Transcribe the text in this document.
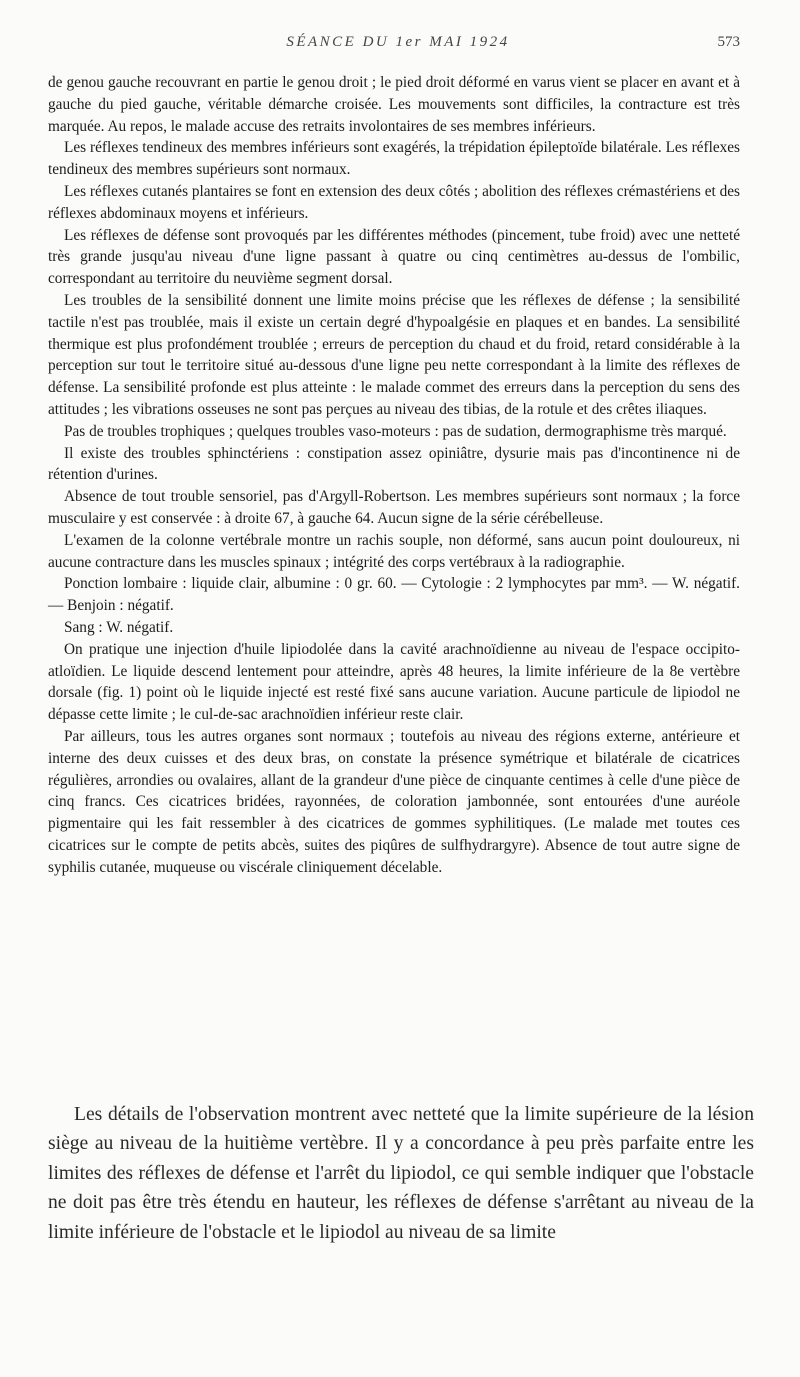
SÉANCE DU 1er MAI 1924	573

de genou gauche recouvrant en partie le genou droit ; le pied droit déformé en varus vient se placer en avant et à gauche du pied gauche, véritable démarche croisée. Les mouvements sont difficiles, la contracture est très marquée. Au repos, le malade accuse des retraits involontaires de ses membres inférieurs.

Les réflexes tendineux des membres inférieurs sont exagérés, la trépidation épileptoïde bilatérale. Les réflexes tendineux des membres supérieurs sont normaux.

Les réflexes cutanés plantaires se font en extension des deux côtés ; abolition des réflexes crémastériens et des réflexes abdominaux moyens et inférieurs.

Les réflexes de défense sont provoqués par les différentes méthodes (pincement, tube froid) avec une netteté très grande jusqu'au niveau d'une ligne passant à quatre ou cinq centimètres au-dessus de l'ombilic, correspondant au territoire du neuvième segment dorsal.

Les troubles de la sensibilité donnent une limite moins précise que les réflexes de défense ; la sensibilité tactile n'est pas troublée, mais il existe un certain degré d'hypoalgésie en plaques et en bandes. La sensibilité thermique est plus profondément troublée ; erreurs de perception du chaud et du froid, retard considérable à la perception sur tout le territoire situé au-dessous d'une ligne peu nette correspondant à la limite des réflexes de défense. La sensibilité profonde est plus atteinte : le malade commet des erreurs dans la perception du sens des attitudes ; les vibrations osseuses ne sont pas perçues au niveau des tibias, de la rotule et des crêtes iliaques.

Pas de troubles trophiques ; quelques troubles vaso-moteurs : pas de sudation, dermographisme très marqué.

Il existe des troubles sphinctériens : constipation assez opiniâtre, dysurie mais pas d'incontinence ni de rétention d'urines.

Absence de tout trouble sensoriel, pas d'Argyll-Robertson. Les membres supérieurs sont normaux ; la force musculaire y est conservée : à droite 67, à gauche 64. Aucun signe de la série cérébelleuse.

L'examen de la colonne vertébrale montre un rachis souple, non déformé, sans aucun point douloureux, ni aucune contracture dans les muscles spinaux ; intégrité des corps vertébraux à la radiographie.

Ponction lombaire : liquide clair, albumine : 0 gr. 60. — Cytologie : 2 lymphocytes par mm³. — W. négatif. — Benjoin : négatif.

Sang : W. négatif.

On pratique une injection d'huile lipiodolée dans la cavité arachnoïdienne au niveau de l'espace occipito-atloïdien. Le liquide descend lentement pour atteindre, après 48 heures, la limite inférieure de la 8e vertèbre dorsale (fig. 1) point où le liquide injecté est resté fixé sans aucune variation. Aucune particule de lipiodol ne dépasse cette limite ; le cul-de-sac arachnoïdien inférieur reste clair.

Par ailleurs, tous les autres organes sont normaux ; toutefois au niveau des régions externe, antérieure et interne des deux cuisses et des deux bras, on constate la présence symétrique et bilatérale de cicatrices régulières, arrondies ou ovalaires, allant de la grandeur d'une pièce de cinquante centimes à celle d'une pièce de cinq francs. Ces cicatrices bridées, rayonnées, de coloration jambonnée, sont entourées d'une auréole pigmentaire qui les fait ressembler à des cicatrices de gommes syphilitiques. (Le malade met toutes ces cicatrices sur le compte de petits abcès, suites des piqûres de sulfhydrargyre). Absence de tout autre signe de syphilis cutanée, muqueuse ou viscérale cliniquement décelable.

Les détails de l'observation montrent avec netteté que la limite supérieure de la lésion siège au niveau de la huitième vertèbre. Il y a concordance à peu près parfaite entre les limites des réflexes de défense et l'arrêt du lipiodol, ce qui semble indiquer que l'obstacle ne doit pas être très étendu en hauteur, les réflexes de défense s'arrêtant au niveau de la limite inférieure de l'obstacle et le lipiodol au niveau de sa limite
